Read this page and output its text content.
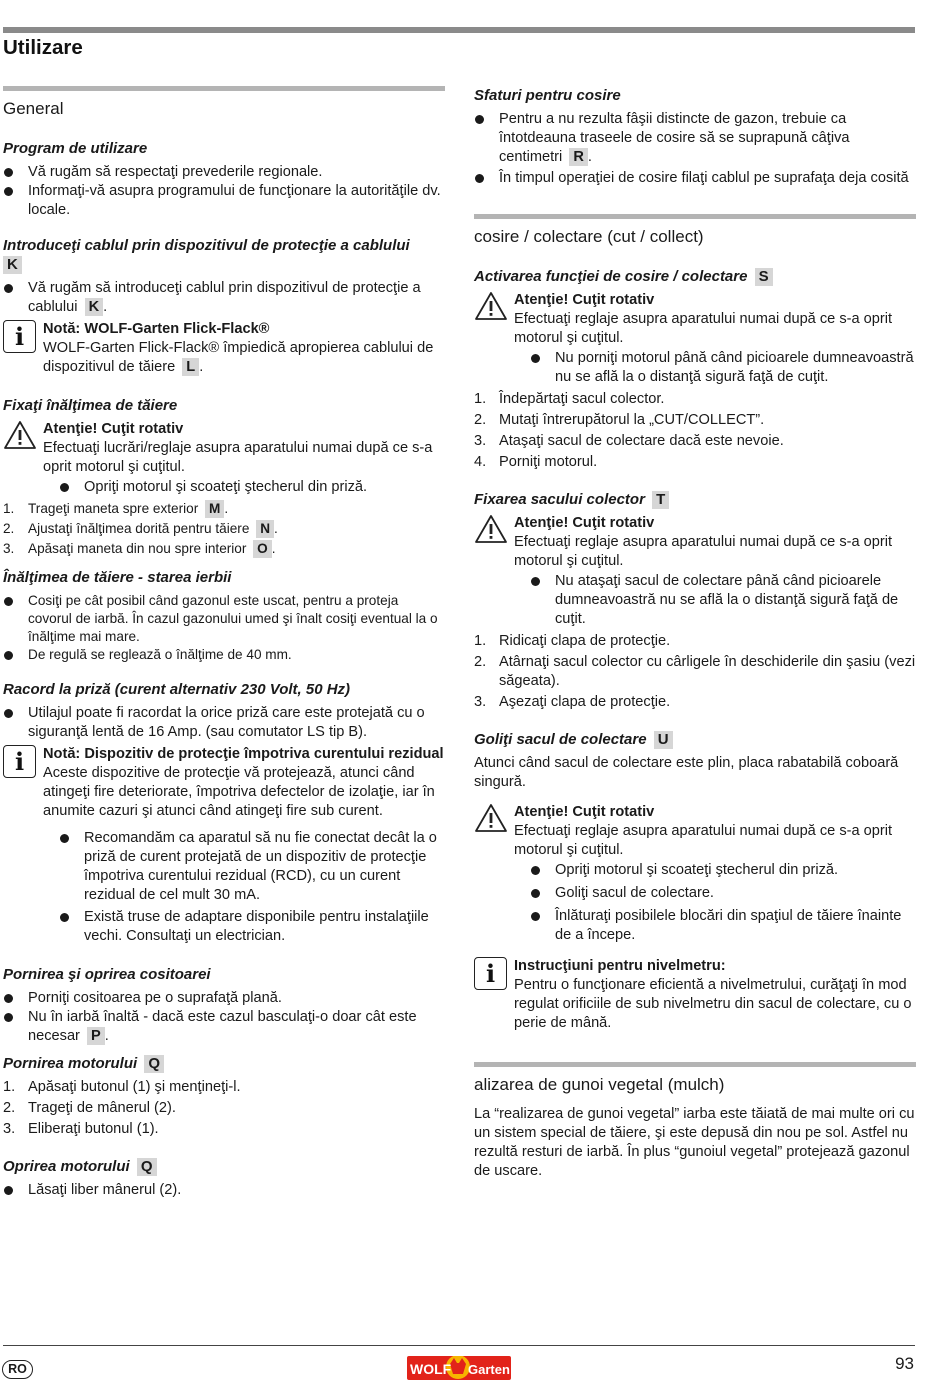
Utilizare
General
Program de utilizare
Vă rugăm să respectaţi prevederile regionale.
Informaţi-vă asupra programului de funcţionare la autorităţile dv. locale.
Introduceţi cablul prin dispozitivul de protecţie a cablului
K
Vă rugăm să introduceţi cablul prin dispozitivul de protecţie a cablului K .
i	Notă: WOLF-Garten Flick-Flack®
WOLF-Garten Flick-Flack® împiedică apropierea cablului de dispozitivul de tăiere L .
Fixaţi înălţimea de tăiere
Atenţie! Cuţit rotativ
Efectuaţi lucrări/reglaje asupra aparatului numai după ce s-a oprit motorul şi cuţitul.
Opriţi motorul şi scoateţi ştecherul din priză.
1. Trageţi maneta spre exterior M .
2. Ajustaţi înălţimea dorită pentru tăiere N .
3. Apăsaţi maneta din nou spre interior O .
Înălţimea de tăiere - starea ierbii
Cosiţi pe cât posibil când gazonul este uscat, pentru a proteja covorul de iarbă. În cazul gazonului umed şi înalt cosiţi eventual la o înălţime mai mare.
De regulă se reglează o înălţime de 40 mm.
Racord la priză (curent alternativ 230 Volt, 50 Hz)
Utilajul poate fi racordat la orice priză care este protejată cu o siguranţă lentă de 16 Amp. (sau comutator LS tip B).
i	Notă: Dispozitiv de protecţie împotriva curentului rezidual
Aceste dispozitive de protecţie vă protejează, atunci când atingeţi fire deteriorate, împotriva defectelor de izolaţie, iar în anumite cazuri şi atunci când atingeţi fire sub curent.
Recomandăm ca aparatul să nu fie conectat decât la o priză de curent protejată de un dispozitiv de protecţie împotriva curentului rezidual (RCD), cu un curent rezidual de cel mult 30 mA.
Există truse de adaptare disponibile pentru instalaţiile vechi. Consultaţi un electrician.
Pornirea şi oprirea cositoarei
Porniţi cositoarea pe o suprafaţă plană.
Nu în iarbă înaltă - dacă este cazul basculaţi-o doar cât este necesar P .
Pornirea motorului Q
1. Apăsaţi butonul (1) şi menţineţi-l.
2. Trageţi de mânerul (2).
3. Eliberaţi butonul (1).
Oprirea motorului Q
Lăsaţi liber mânerul (2).
Sfaturi pentru cosire
Pentru a nu rezulta fâşii distincte de gazon, trebuie ca întotdeauna traseele de cosire să se suprapună câţiva centimetri R .
În timpul operaţiei de cosire filaţi cablul pe suprafaţa deja cosită
cosire / colectare (cut / collect)
Activarea funcţiei de cosire / colectare S
Atenţie! Cuţit rotativ
Efectuaţi reglaje asupra aparatului numai după ce s-a oprit motorul şi cuţitul.
Nu porniţi motorul până când picioarele dumneavoastră nu se află la o distanţă sigură faţă de cuţit.
1. Îndepărtaţi sacul colector.
2. Mutaţi întrerupătorul la „CUT/COLLECT”.
3. Ataşaţi sacul de colectare dacă este nevoie.
4. Porniţi motorul.
Fixarea sacului colector T
Atenţie! Cuţit rotativ
Efectuaţi reglaje asupra aparatului numai după ce s-a oprit motorul şi cuţitul.
Nu ataşaţi sacul de colectare până când picioarele dumneavoastră nu se află la o distanţă sigură faţă de cuţit.
1. Ridicaţi clapa de protecţie.
2. Atârnaţi sacul colector cu cârligele în deschiderile din şasiu (vezi săgeata).
3. Aşezaţi clapa de protecţie.
Goliţi sacul de colectare U
Atunci când sacul de colectare este plin, placa rabatabilă coboară singură.
Atenţie! Cuţit rotativ
Efectuaţi reglaje asupra aparatului numai după ce s-a oprit motorul şi cuţitul.
Opriţi motorul şi scoateţi ştecherul din priză.
Goliţi sacul de colectare.
Înlăturaţi posibilele blocări din spaţiul de tăiere înainte de a începe.
i	Instrucţiuni pentru nivelmetru:
Pentru o funcţionare eficientă a nivelmetrului, curăţaţi în mod regulat orificiile de sub nivelmetru din sacul de colectare, cu o perie de mână.
alizarea de gunoi vegetal (mulch)
La “realizarea de gunoi vegetal” iarba este tăiată de mai multe ori cu un sistem special de tăiere, şi este depusă din nou pe sol. Astfel nu rezultă resturi de iarbă. În plus “gunoiul vegetal” protejează gazonul de uscare.
RO	WOLF Garten	93
